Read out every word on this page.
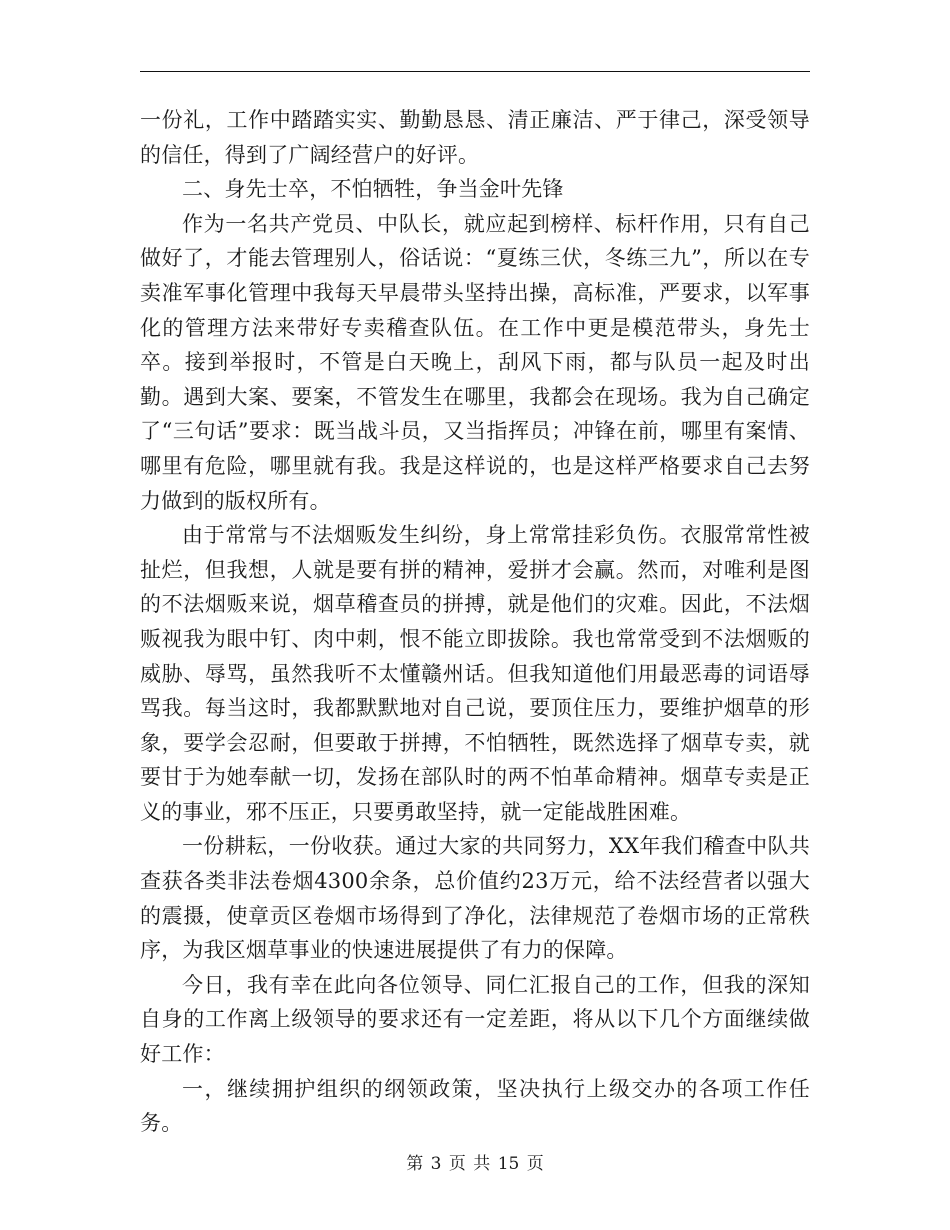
一份礼，工作中踏踏实实、勤勤恳恳、清正廉洁、严于律己，深受领导的信任，得到了广阔经营户的好评。

二、身先士卒，不怕牺牲，争当金叶先锋

作为一名共产党员、中队长，就应起到榜样、标杆作用，只有自己做好了，才能去管理别人，俗话说：“夏练三伏，冬练三九”，所以在专卖准军事化管理中我每天早晨带头坚持出操，高标准，严要求，以军事化的管理方法来带好专卖稽查队伍。在工作中更是模范带头，身先士卒。接到举报时，不管是白天晚上，刮风下雨，都与队员一起及时出勤。遇到大案、要案，不管发生在哪里，我都会在现场。我为自己确定了“三句话”要求：既当战斗员，又当指挥员；冲锋在前，哪里有案情、哪里有危险，哪里就有我。我是这样说的，也是这样严格要求自己去努力做到的版权所有。

由于常常与不法烟贩发生纠纷，身上常常挂彩负伤。衣服常常性被扯烂，但我想，人就是要有拼的精神，爱拼才会赢。然而，对唯利是图的不法烟贩来说，烟草稽查员的拼搏，就是他们的灾难。因此，不法烟贩视我为眼中钉、肉中刺，恨不能立即拔除。我也常常受到不法烟贩的威胁、辱骂，虽然我听不太懂赣州话。但我知道他们用最恶毒的词语辱骂我。每当这时，我都默默地对自己说，要顶住压力，要维护烟草的形象，要学会忍耐，但要敢于拼搏，不怕牺牲，既然选择了烟草专卖，就要甘于为她奉献一切，发扬在部队时的两不怕革命精神。烟草专卖是正义的事业，邪不压正，只要勇敢坚持，就一定能战胜困难。

一份耕耘，一份收获。通过大家的共同努力，XX年我们稽查中队共查获各类非法卷烟4300余条，总价值约23万元，给不法经营者以强大的震摄，使章贡区卷烟市场得到了净化，法律规范了卷烟市场的正常秩序，为我区烟草事业的快速进展提供了有力的保障。

今日，我有幸在此向各位领导、同仁汇报自己的工作，但我的深知自身的工作离上级领导的要求还有一定差距，将从以下几个方面继续做好工作：

一，继续拥护组织的纲领政策，坚决执行上级交办的各项工作任务。

第 3 页 共 15 页
